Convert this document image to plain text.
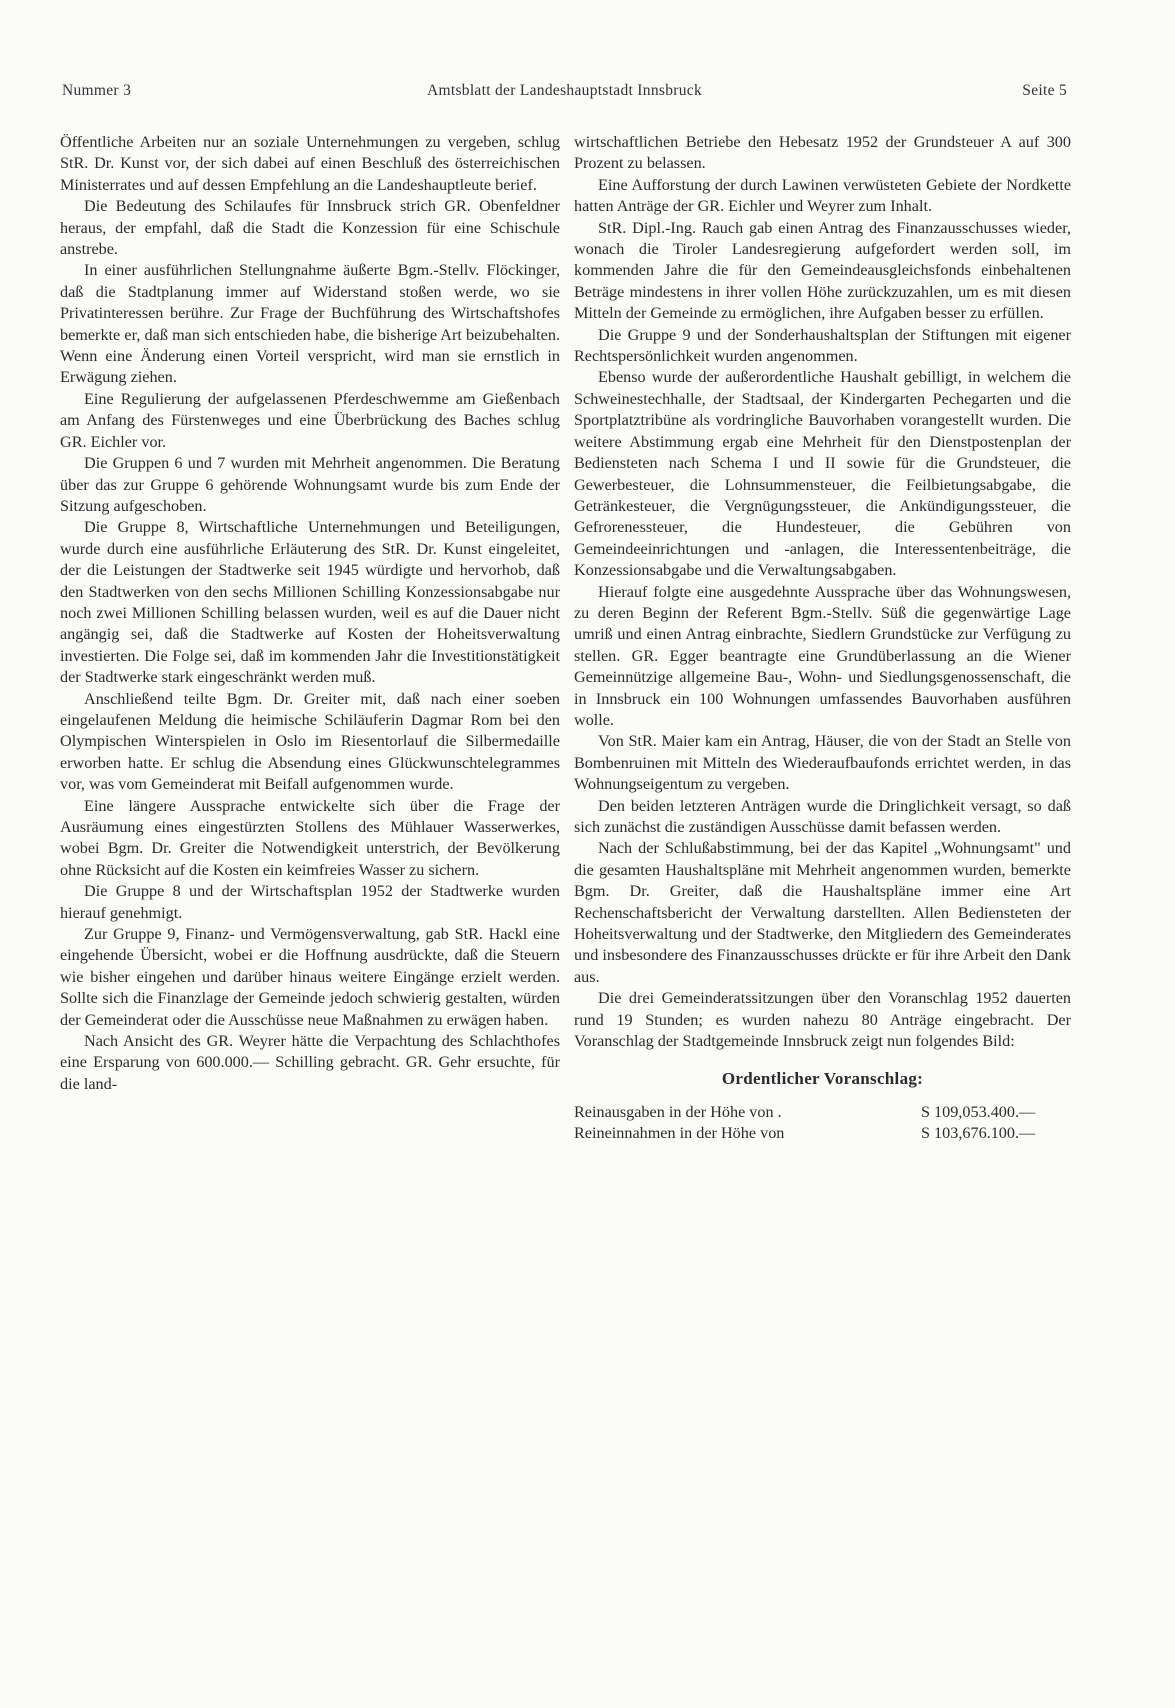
Nummer 3	Amtsblatt der Landeshauptstadt Innsbruck	Seite 5

Öffentliche Arbeiten nur an soziale Unternehmungen zu vergeben, schlug StR. Dr. Kunst vor, der sich dabei auf einen Beschluß des österreichischen Ministerrates und auf dessen Empfehlung an die Landeshauptleute berief.

Die Bedeutung des Schilaufes für Innsbruck strich GR. Obenfeldner heraus, der empfahl, daß die Stadt die Konzession für eine Schischule anstrebe.

In einer ausführlichen Stellungnahme äußerte Bgm.-Stellv. Flöckinger, daß die Stadtplanung immer auf Widerstand stoßen werde, wo sie Privatinteressen berühre. Zur Frage der Buchführung des Wirtschaftshofes bemerkte er, daß man sich entschieden habe, die bisherige Art beizubehalten. Wenn eine Änderung einen Vorteil verspricht, wird man sie ernstlich in Erwägung ziehen.

Eine Regulierung der aufgelassenen Pferdeschwemme am Gießenbach am Anfang des Fürstenweges und eine Überbrückung des Baches schlug GR. Eichler vor.

Die Gruppen 6 und 7 wurden mit Mehrheit angenommen. Die Beratung über das zur Gruppe 6 gehörende Wohnungsamt wurde bis zum Ende der Sitzung aufgeschoben.

Die Gruppe 8, Wirtschaftliche Unternehmungen und Beteiligungen, wurde durch eine ausführliche Erläuterung des StR. Dr. Kunst eingeleitet, der die Leistungen der Stadtwerke seit 1945 würdigte und hervorhob, daß den Stadtwerken von den sechs Millionen Schilling Konzessionsabgabe nur noch zwei Millionen Schilling belassen wurden, weil es auf die Dauer nicht angängig sei, daß die Stadtwerke auf Kosten der Hoheitsverwaltung investierten. Die Folge sei, daß im kommenden Jahr die Investitionstätigkeit der Stadtwerke stark eingeschränkt werden muß.

Anschließend teilte Bgm. Dr. Greiter mit, daß nach einer soeben eingelaufenen Meldung die heimische Schiläuferin Dagmar Rom bei den Olympischen Winterspielen in Oslo im Riesentorlauf die Silbermedaille erworben hatte. Er schlug die Absendung eines Glückwunschtelegrammes vor, was vom Gemeinderat mit Beifall aufgenommen wurde.

Eine längere Aussprache entwickelte sich über die Frage der Ausräumung eines eingestürzten Stollens des Mühlauer Wasserwerkes, wobei Bgm. Dr. Greiter die Notwendigkeit unterstrich, der Bevölkerung ohne Rücksicht auf die Kosten ein keimfreies Wasser zu sichern.

Die Gruppe 8 und der Wirtschaftsplan 1952 der Stadtwerke wurden hierauf genehmigt.

Zur Gruppe 9, Finanz- und Vermögensverwaltung, gab StR. Hackl eine eingehende Übersicht, wobei er die Hoffnung ausdrückte, daß die Steuern wie bisher eingehen und darüber hinaus weitere Eingänge erzielt werden. Sollte sich die Finanzlage der Gemeinde jedoch schwierig gestalten, würden der Gemeinderat oder die Ausschüsse neue Maßnahmen zu erwägen haben.

Nach Ansicht des GR. Weyrer hätte die Verpachtung des Schlachthofes eine Ersparung von 600.000.— Schilling gebracht. GR. Gehr ersuchte, für die land-

wirtschaftlichen Betriebe den Hebesatz 1952 der Grundsteuer A auf 300 Prozent zu belassen.

Eine Aufforstung der durch Lawinen verwüsteten Gebiete der Nordkette hatten Anträge der GR. Eichler und Weyrer zum Inhalt.

StR. Dipl.-Ing. Rauch gab einen Antrag des Finanzausschusses wieder, wonach die Tiroler Landesregierung aufgefordert werden soll, im kommenden Jahre die für den Gemeindeausgleichsfonds einbehaltenen Beträge mindestens in ihrer vollen Höhe zurückzuzahlen, um es mit diesen Mitteln der Gemeinde zu ermöglichen, ihre Aufgaben besser zu erfüllen.

Die Gruppe 9 und der Sonderhaushaltsplan der Stiftungen mit eigener Rechtspersönlichkeit wurden angenommen.

Ebenso wurde der außerordentliche Haushalt gebilligt, in welchem die Schweinestechhalle, der Stadtsaal, der Kindergarten Pechegarten und die Sportplatztribüne als vordringliche Bauvorhaben vorangestellt wurden. Die weitere Abstimmung ergab eine Mehrheit für den Dienstpostenplan der Bediensteten nach Schema I und II sowie für die Grundsteuer, die Gewerbesteuer, die Lohnsummensteuer, die Feilbietungsabgabe, die Getränkesteuer, die Vergnügungssteuer, die Ankündigungssteuer, die Gefrorenessteuer, die Hundesteuer, die Gebühren von Gemeindeeinrichtungen und -anlagen, die Interessentenbeiträge, die Konzessionsabgabe und die Verwaltungsabgaben.

Hierauf folgte eine ausgedehnte Aussprache über das Wohnungswesen, zu deren Beginn der Referent Bgm.-Stellv. Süß die gegenwärtige Lage umriß und einen Antrag einbrachte, Siedlern Grundstücke zur Verfügung zu stellen. GR. Egger beantragte eine Grundüberlassung an die Wiener Gemeinnützige allgemeine Bau-, Wohn- und Siedlungsgenossenschaft, die in Innsbruck ein 100 Wohnungen umfassendes Bauvorhaben ausführen wolle.

Von StR. Maier kam ein Antrag, Häuser, die von der Stadt an Stelle von Bombenruinen mit Mitteln des Wiederaufbaufonds errichtet werden, in das Wohnungseigentum zu vergeben.

Den beiden letzteren Anträgen wurde die Dringlichkeit versagt, so daß sich zunächst die zuständigen Ausschüsse damit befassen werden.

Nach der Schlußabstimmung, bei der das Kapitel „Wohnungsamt" und die gesamten Haushaltspläne mit Mehrheit angenommen wurden, bemerkte Bgm. Dr. Greiter, daß die Haushaltspläne immer eine Art Rechenschaftsbericht der Verwaltung darstellten. Allen Bediensteten der Hoheitsverwaltung und der Stadtwerke, den Mitgliedern des Gemeinderates und insbesondere des Finanzausschusses drückte er für ihre Arbeit den Dank aus.

Die drei Gemeinderatssitzungen über den Voranschlag 1952 dauerten rund 19 Stunden; es wurden nahezu 80 Anträge eingebracht. Der Voranschlag der Stadtgemeinde Innsbruck zeigt nun folgendes Bild:

Ordentlicher Voranschlag:
Reinausgaben in der Höhe von .	S 109,053.400.—
Reineinnahmen in der Höhe von	S 103,676.100.—
